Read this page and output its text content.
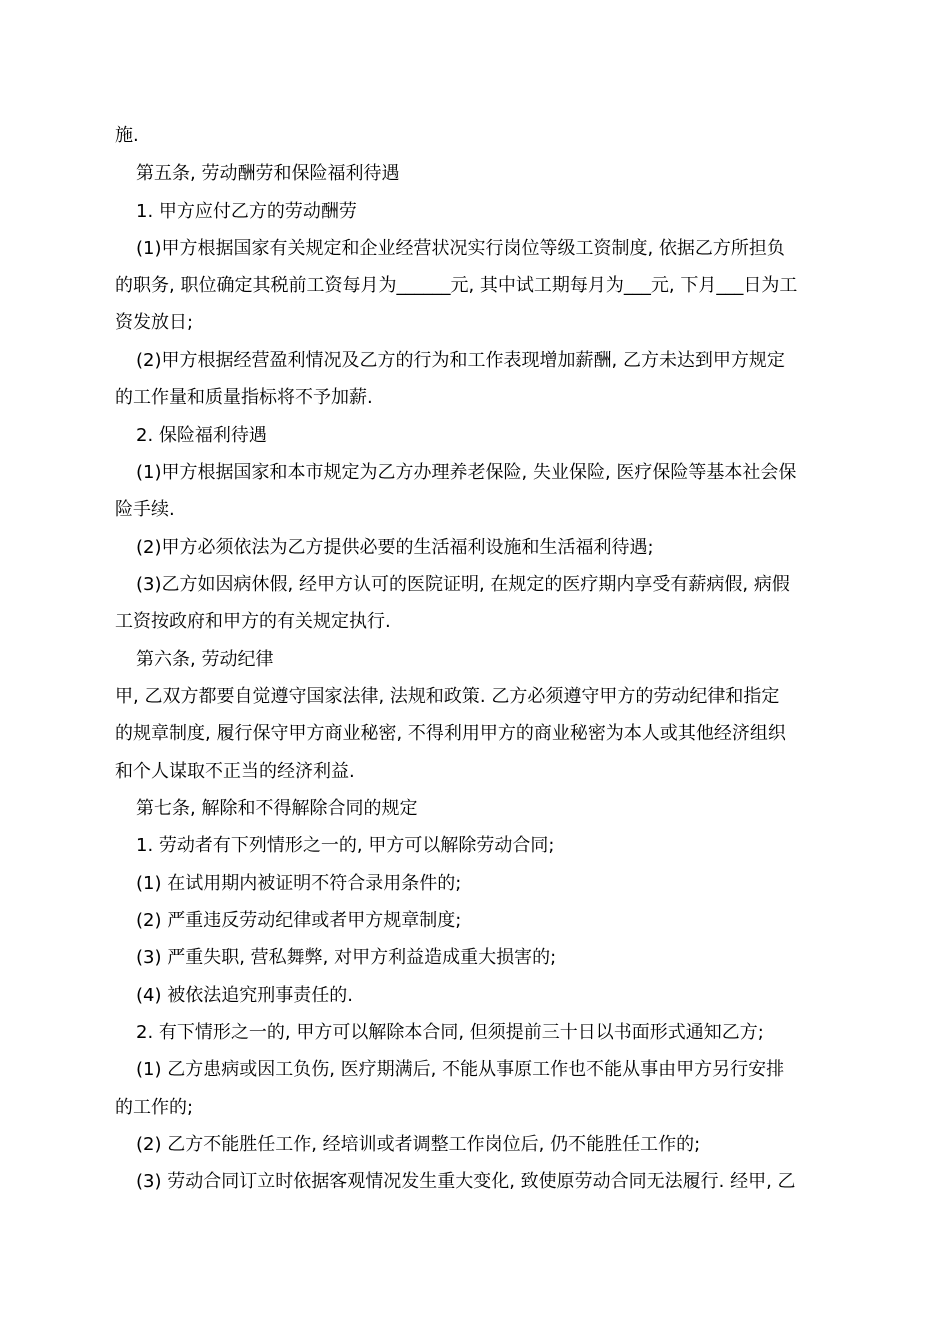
施.
第五条, 劳动酬劳和保险福利待遇
1. 甲方应付乙方的劳动酬劳
(1)甲方根据国家有关规定和企业经营状况实行岗位等级工资制度, 依据乙方所担负
的职务, 职位确定其税前工资每月为______元, 其中试工期每月为___元, 下月___日为工
资发放日;
(2)甲方根据经营盈利情况及乙方的行为和工作表现增加薪酬, 乙方未达到甲方规定
的工作量和质量指标将不予加薪.
2. 保险福利待遇
(1)甲方根据国家和本市规定为乙方办理养老保险, 失业保险, 医疗保险等基本社会保
险手续.
(2)甲方必须依法为乙方提供必要的生活福利设施和生活福利待遇;
(3)乙方如因病休假, 经甲方认可的医院证明, 在规定的医疗期内享受有薪病假, 病假
工资按政府和甲方的有关规定执行.
第六条, 劳动纪律
甲, 乙双方都要自觉遵守国家法律, 法规和政策. 乙方必须遵守甲方的劳动纪律和指定
的规章制度, 履行保守甲方商业秘密, 不得利用甲方的商业秘密为本人或其他经济组织
和个人谋取不正当的经济利益.
第七条, 解除和不得解除合同的规定
1. 劳动者有下列情形之一的, 甲方可以解除劳动合同;
(1) 在试用期内被证明不符合录用条件的;
(2) 严重违反劳动纪律或者甲方规章制度;
(3) 严重失职, 营私舞弊, 对甲方利益造成重大损害的;
(4) 被依法追究刑事责任的.
2. 有下情形之一的, 甲方可以解除本合同, 但须提前三十日以书面形式通知乙方;
(1) 乙方患病或因工负伤, 医疗期满后, 不能从事原工作也不能从事由甲方另行安排
的工作的;
(2) 乙方不能胜任工作, 经培训或者调整工作岗位后, 仍不能胜任工作的;
(3) 劳动合同订立时依据客观情况发生重大变化, 致使原劳动合同无法履行. 经甲, 乙
